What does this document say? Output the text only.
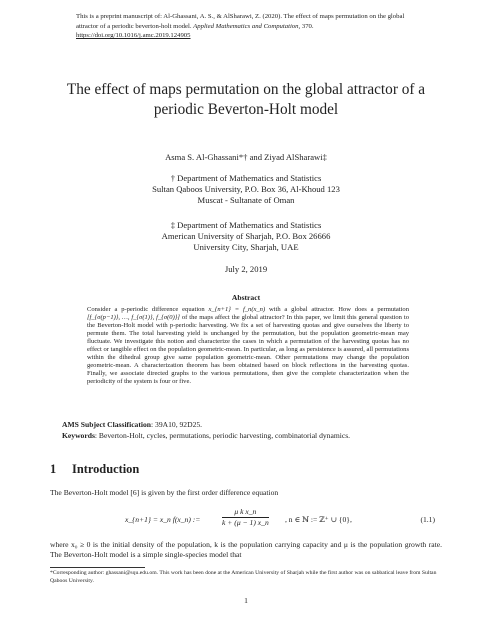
This is a preprint manuscript of: Al-Ghassani, A. S., & AlSharawi, Z. (2020). The effect of maps permutation on the global attractor of a periodic beverton-holt model. Applied Mathematics and Computation, 370. https://doi.org/10.1016/j.amc.2019.124905
The effect of maps permutation on the global attractor of a periodic Beverton-Holt model
Asma S. Al-Ghassani*† and Ziyad AlSharawi‡
† Department of Mathematics and Statistics
Sultan Qaboos University, P.O. Box 36, Al-Khoud 123
Muscat - Sultanate of Oman
‡ Department of Mathematics and Statistics
American University of Sharjah, P.O. Box 26666
University City, Sharjah, UAE
July 2, 2019
Abstract
Consider a p-periodic difference equation x_{n+1} = f_n(x_n) with a global attractor. How does a permutation [f_{σ(p−1)}, …, f_{σ(1)}, f_{σ(0)}] of the maps affect the global attractor? In this paper, we limit this general question to the Beverton-Holt model with p-periodic harvesting. We fix a set of harvesting quotas and give ourselves the liberty to permute them. The total harvesting yield is unchanged by the permutation, but the population geometric-mean may fluctuate. We investigate this notion and characterize the cases in which a permutation of the harvesting quotas has no effect or tangible effect on the population geometric-mean. In particular, as long as persistence is assured, all permutations within the dihedral group give same population geometric-mean. Other permutations may change the population geometric-mean. A characterization theorem has been obtained based on block reflections in the harvesting quotas. Finally, we associate directed graphs to the various permutations, then give the complete characterization when the periodicity of the system is four or five.
AMS Subject Classification: 39A10, 92D25.
Keywords: Beverton-Holt, cycles, permutations, periodic harvesting, combinatorial dynamics.
1 Introduction
The Beverton-Holt model [6] is given by the first order difference equation
x_{n+1} = x_n f(x_n) :=	$\frac{\text{μ k x\_n}}{k + (\mu - 1) x\_n}$ , n ∈ ℕ := ℤ⁺ ∪ {0},	(1.1)
where x₀ ≥ 0 is the initial density of the population, k is the population carrying capacity and μ is the population growth rate. The Beverton-Holt model is a simple single-species model that
*Corresponding author: ghassani@squ.edu.om. This work has been done at the American University of Sharjah while the first author was on sabbatical leave from Sultan Qaboos University.
1
